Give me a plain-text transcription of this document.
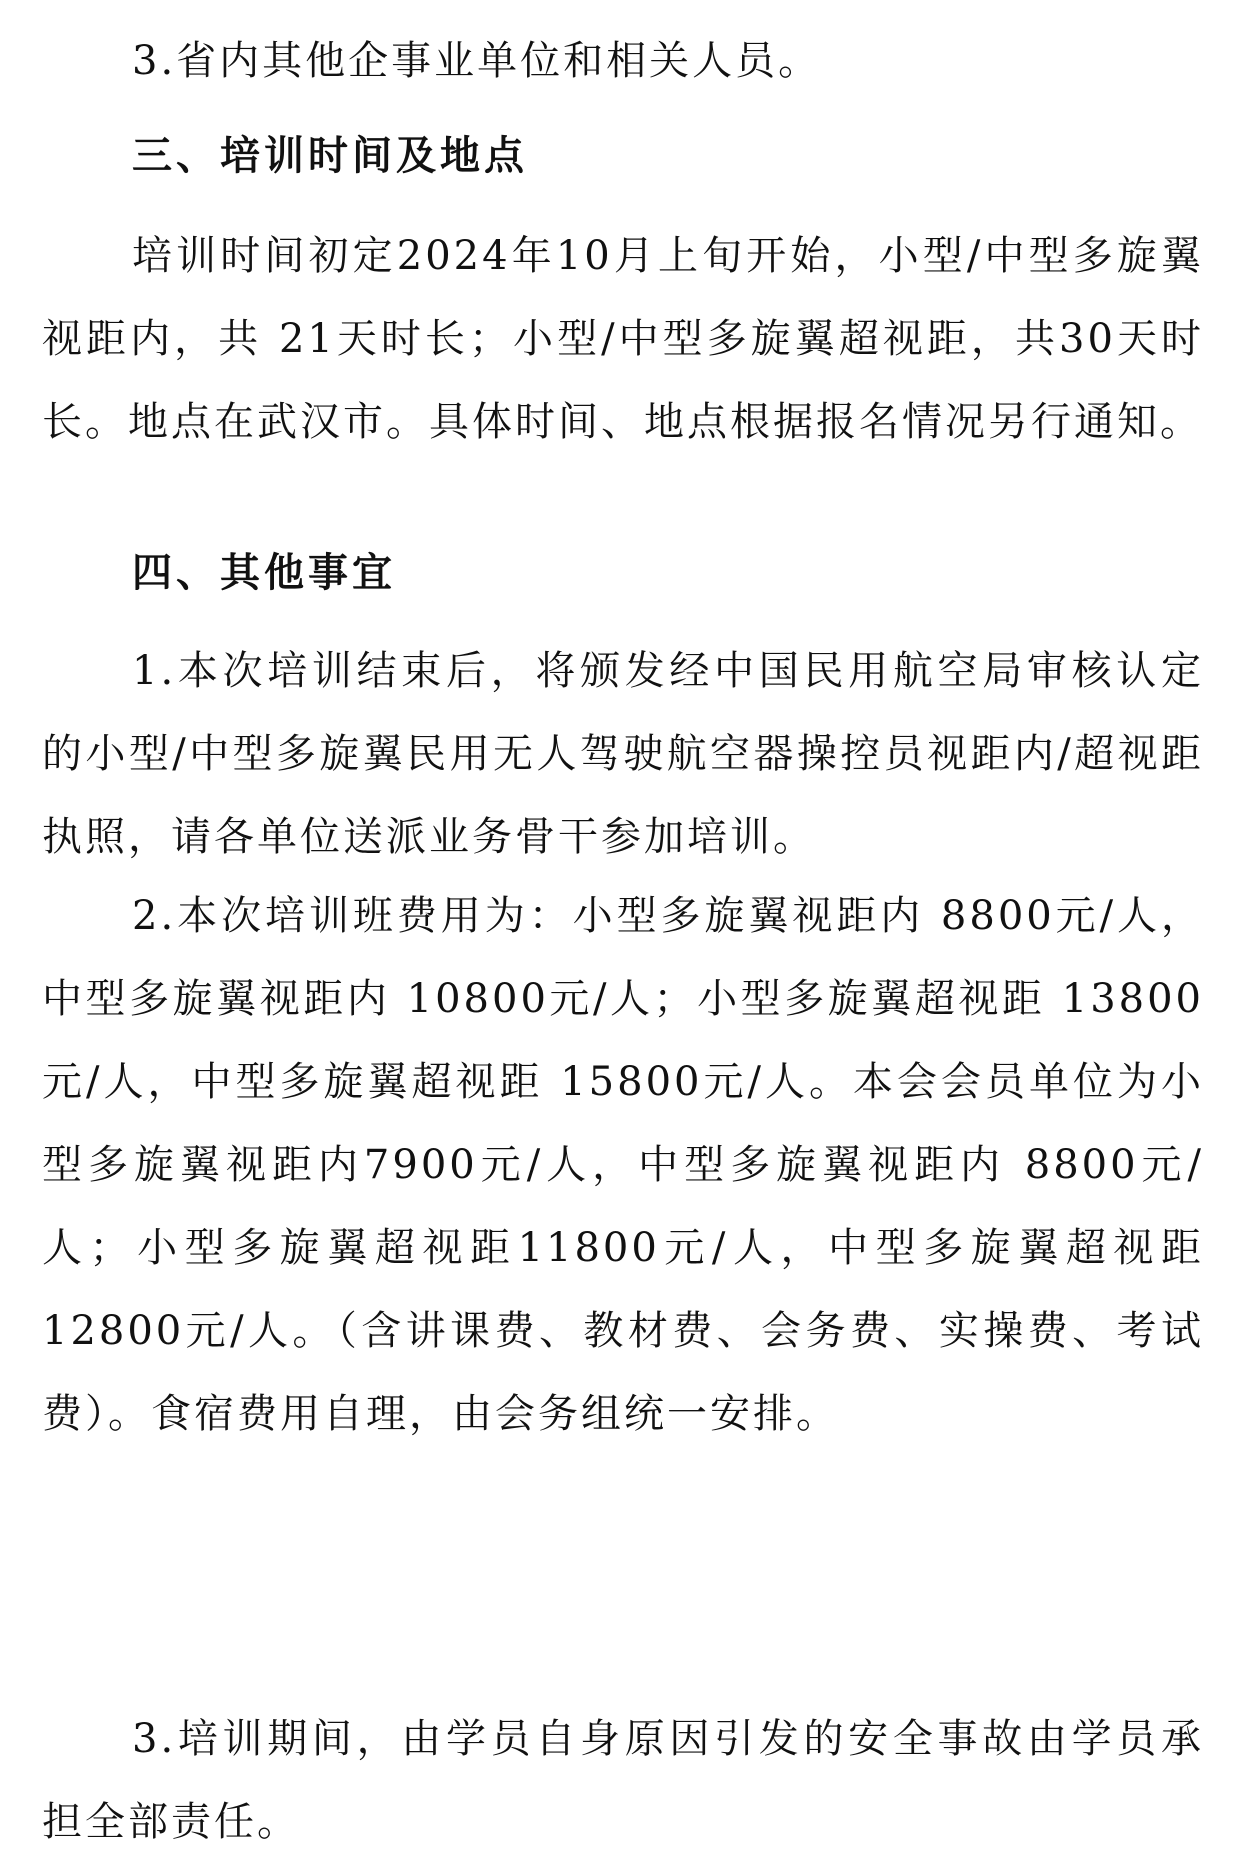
3.省内其他企事业单位和相关人员。

三、培训时间及地点

培训时间初定2024年10月上旬开始，小型/中型多旋翼视距内，共 21天时长；小型/中型多旋翼超视距，共30天时长。地点在武汉市。具体时间、地点根据报名情况另行通知。

四、其他事宜

1.本次培训结束后，将颁发经中国民用航空局审核认定的小型/中型多旋翼民用无人驾驶航空器操控员视距内/超视距执照，请各单位送派业务骨干参加培训。

2.本次培训班费用为：小型多旋翼视距内 8800元/人，中型多旋翼视距内 10800元/人；小型多旋翼超视距 13800元/人，中型多旋翼超视距 15800元/人。本会会员单位为小型多旋翼视距内7900元/人，中型多旋翼视距内 8800元/人；小型多旋翼超视距11800元/人，中型多旋翼超视距12800元/人。（含讲课费、教材费、会务费、实操费、考试费）。食宿费用自理，由会务组统一安排。

3.培训期间，由学员自身原因引发的安全事故由学员承担全部责任。
